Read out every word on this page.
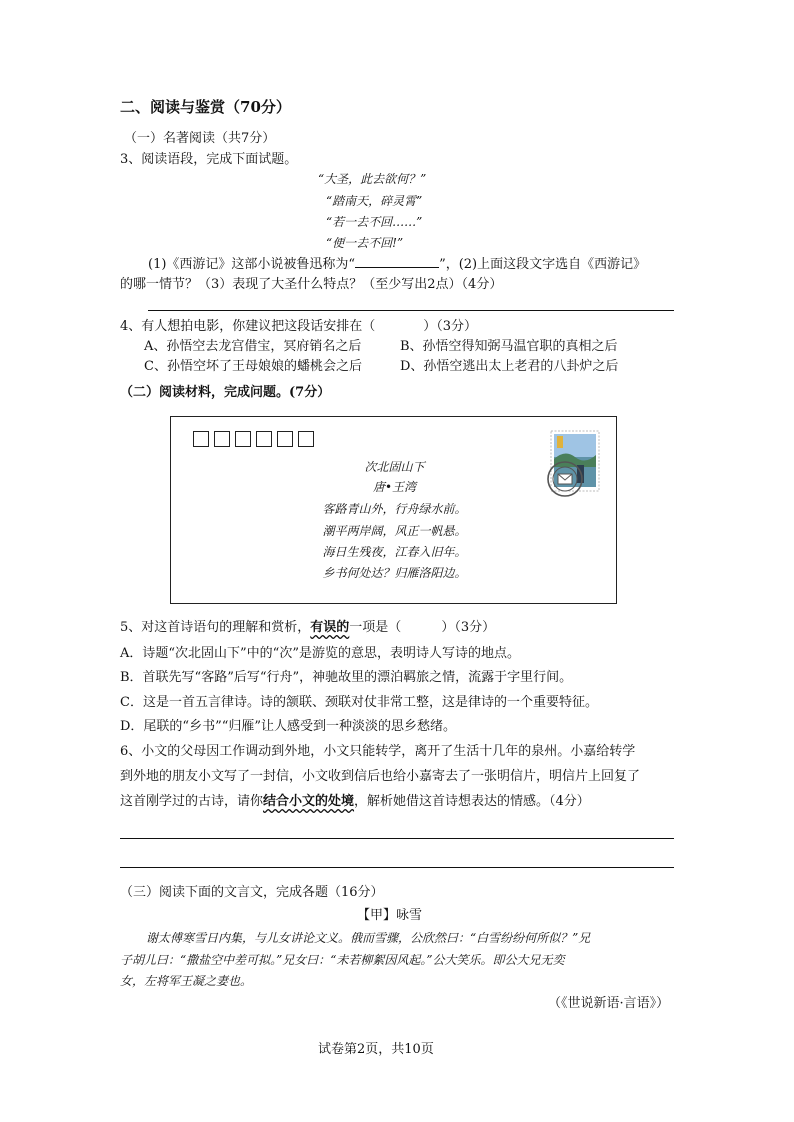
二、阅读与鉴赏（70分）
（一）名著阅读（共7分）
3、阅读语段，完成下面试题。
“大圣，此去欲何？”
“踏南天，碎灵霄”
“若一去不回……”
“便一去不回!”
(1)《西游记》这部小说被鲁迅称为“	”，(2)上面这段文字选自《西游记》
的哪一情节？（3）表现了大圣什么特点？（至少写出2点）（4分）
4、有人想拍电影，你建议把这段话安排在（	）（3分）
A、孙悟空去龙宫借宝，冥府销名之后	B、孙悟空得知弼马温官职的真相之后
C、孙悟空坏了王母娘娘的蟠桃会之后	D、孙悟空逃出太上老君的八卦炉之后
（二）阅读材料，完成问题。(7分）
次北固山下
唐•王湾
客路青山外，行舟绿水前。
潮平两岸阔，风正一帆悬。
海日生残夜，江春入旧年。
乡书何处达？归雁洛阳边。
5、对这首诗语句的理解和赏析，有误的一项是（	）（3分）
A．诗题“次北固山下”中的“次”是游览的意思，表明诗人写诗的地点。
B．首联先写“客路”后写“行舟”，神驰故里的漂泊羁旅之情，流露于字里行间。
C．这是一首五言律诗。诗的颔联、颈联对仗非常工整，这是律诗的一个重要特征。
D．尾联的“乡书”“归雁”让人感受到一种淡淡的思乡愁绪。
6、小文的父母因工作调动到外地，小文只能转学，离开了生活十几年的泉州。小嘉给转学
到外地的朋友小文写了一封信，小文收到信后也给小嘉寄去了一张明信片，明信片上回复了
这首刚学过的古诗，请你结合小文的处境，解析她借这首诗想表达的情感。（4分）
（三）阅读下面的文言文，完成各题（16分）
【甲】咏雪
谢太傅寒雪日内集，与儿女讲论文义。俄而雪骤，公欣然曰：“白雪纷纷何所似？”兄
子胡儿曰：“撒盐空中差可拟。”兄女曰：“未若柳絮因风起。”公大笑乐。即公大兄无奕
女，左将军王凝之妻也。
（《世说新语·言语》）
试卷第2页，共10页
